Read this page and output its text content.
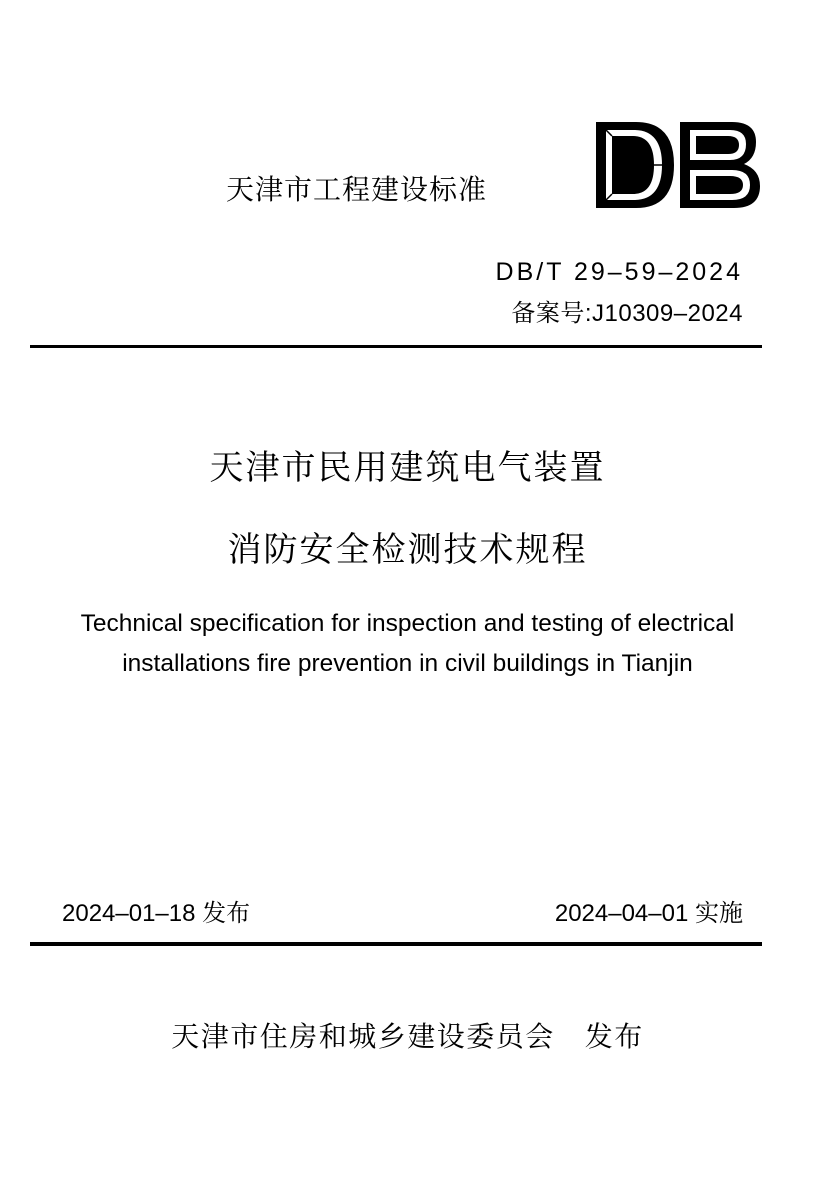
天津市工程建设标准
DB/T 29–59–2024
备案号:J10309–2024
天津市民用建筑电气装置
消防安全检测技术规程
Technical specification for inspection and testing of electrical installations fire prevention in civil buildings in Tianjin
2024–01–18 发布	2024–04–01 实施
天津市住房和城乡建设委员会 发布
